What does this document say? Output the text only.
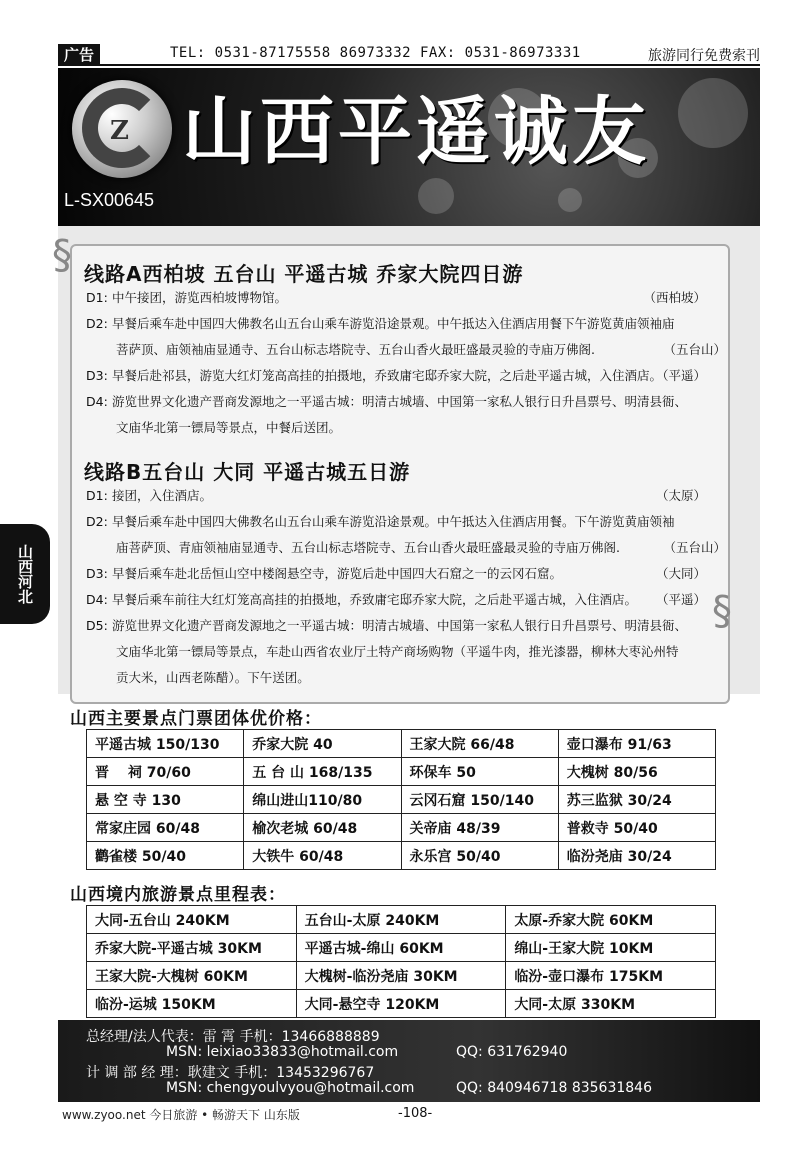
广告	TEL: 0531-87175558 86973332 FAX: 0531-86973331	旅游同行免费索刊
Z 山西平遥诚友
L-SX00645
山西河北
§
§
线路A西柏坡 五台山 平遥古城 乔家大院四日游
D1: 中午接团，游览西柏坡博物馆。	（西柏坡）
D2: 早餐后乘车赴中国四大佛教名山五台山乘车游览沿途景观。中午抵达入住酒店用餐下午游览黄庙领袖庙
菩萨顶、庙领袖庙显通寺、五台山标志塔院寺、五台山香火最旺盛最灵验的寺庙万佛阁.	（五台山）
D3: 早餐后赴祁县，游览大红灯笼高高挂的拍摄地，乔致庸宅邸乔家大院，之后赴平遥古城，入住酒店。
（平遥）
D4: 游览世界文化遗产晋商发源地之一平遥古城：明清古城墙、中国第一家私人银行日升昌票号、明清县衙、
文庙华北第一镖局等景点，中餐后送团。
线路B五台山 大同 平遥古城五日游
D1: 接团，入住酒店。	（太原）
D2: 早餐后乘车赴中国四大佛教名山五台山乘车游览沿途景观。中午抵达入住酒店用餐。下午游览黄庙领袖
庙菩萨顶、青庙领袖庙显通寺、五台山标志塔院寺、五台山香火最旺盛最灵验的寺庙万佛阁.	（五台山）
D3: 早餐后乘车赴北岳恒山空中楼阁悬空寺，游览后赴中国四大石窟之一的云冈石窟。	（大同）
D4: 早餐后乘车前往大红灯笼高高挂的拍摄地，乔致庸宅邸乔家大院，之后赴平遥古城，入住酒店。 （平遥）
D5: 游览世界文化遗产晋商发源地之一平遥古城：明清古城墙、中国第一家私人银行日升昌票号、明清县衙、
文庙华北第一镖局等景点，车赴山西省农业厅土特产商场购物（平遥牛肉，推光漆器，柳林大枣沁州特
贡大米，山西老陈醋）。下午送团。
山西主要景点门票团体优价格：
平遥古城 150/130	乔家大院 40	王家大院 66/48	壶口瀑布 91/63
晋　 祠 70/60	五 台 山 168/135	环保车 50	大槐树 80/56
悬 空 寺 130	绵山进山110/80	云冈石窟 150/140	苏三监狱 30/24
常家庄园 60/48	榆次老城 60/48	关帝庙 48/39	普救寺 50/40
鹳雀楼 50/40	大铁牛 60/48	永乐宫 50/40	临汾尧庙 30/24
山西境内旅游景点里程表：
大同-五台山 240KM	五台山-太原 240KM	太原-乔家大院 60KM
乔家大院-平遥古城 30KM	平遥古城-绵山 60KM	绵山-王家大院 10KM
王家大院-大槐树 60KM	大槐树-临汾尧庙 30KM	临汾-壶口瀑布 175KM
临汾-运城 150KM	大同-悬空寺 120KM	大同-太原 330KM
总经理/法人代表：雷 霄 手机：13466888889
MSN: leixiao33833@hotmail.com	QQ: 631762940
计 调 部 经 理：耿建文 手机：13453296767
MSN: chengyoulvyou@hotmail.com	QQ: 840946718 835631846
www.zyoo.net 今日旅游 • 畅游天下 山东版	-108-
